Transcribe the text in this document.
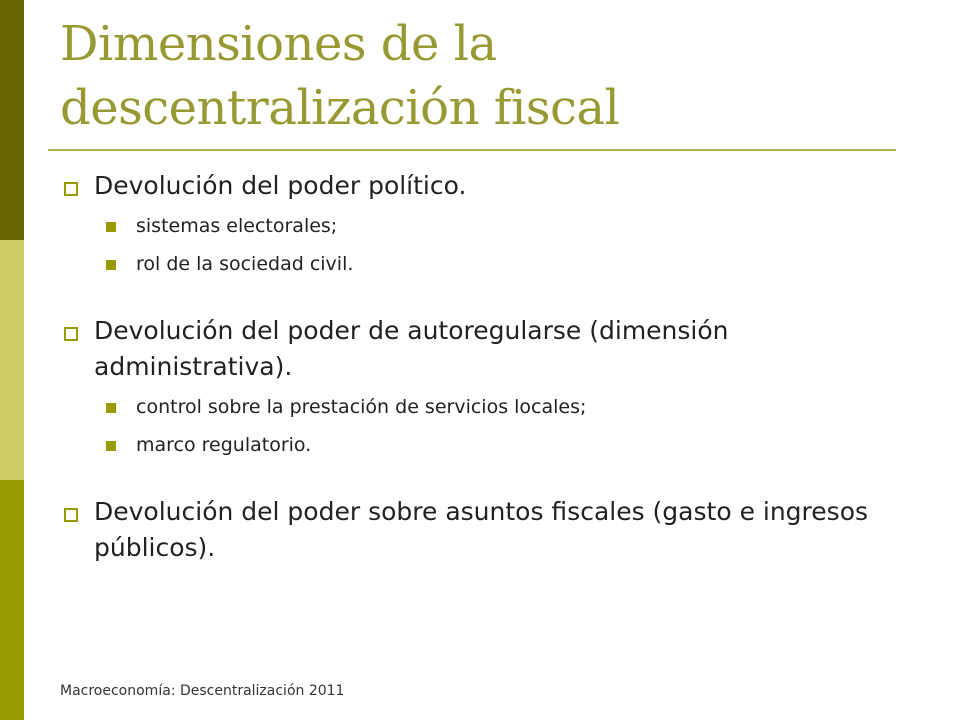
Dimensiones de la descentralización fiscal
Devolución del poder político.
sistemas electorales;
rol de la sociedad civil.
Devolución del poder de autoregularse (dimensión administrativa).
control sobre la prestación de servicios locales;
marco regulatorio.
Devolución del poder sobre asuntos fiscales (gasto e ingresos públicos).
Macroeconomía: Descentralización 2011
